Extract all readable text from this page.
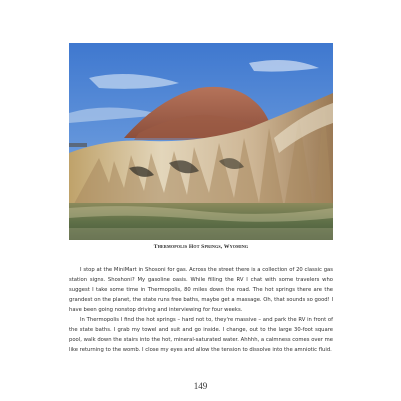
Thermopolis Hot Springs, Wyoming

I stop at the MiniMart in Shosoni for gas. Across the street there is a collection of 20 classic gas station signs. Shoshoni? My gasoline oasis. While filling the RV I chat with some travelers who suggest I take some time in Thermopolis, 80 miles down the road. The hot springs there are the grandest on the planet, the state runs free baths, maybe get a massage. Oh, that sounds so good! I have been going nonstop driving and interviewing for four weeks.

In Thermopolis I find the hot springs – hard not to, they're massive – and park the RV in front of the state baths. I grab my towel and suit and go inside. I change, out to the large 30-foot square pool, walk down the stairs into the hot, mineral-saturated water. Ahhhh, a calmness comes over me like returning to the womb. I close my eyes and allow the tension to dissolve into the amniotic fluid.

149
